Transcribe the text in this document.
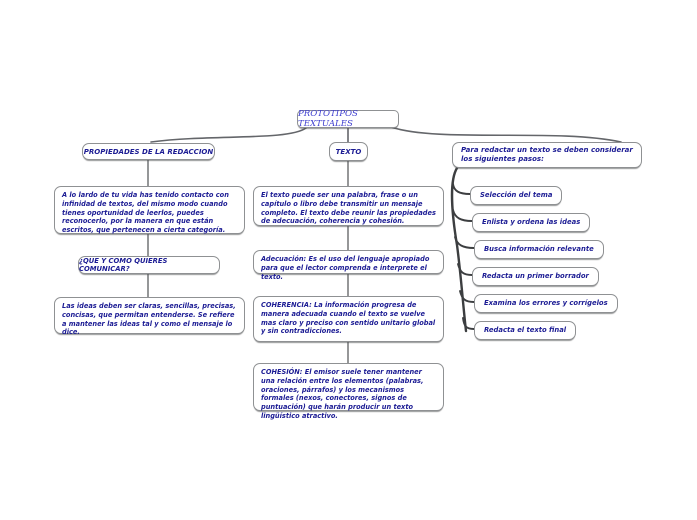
PROTOTIPOS TEXTUALES
PROPIEDADES DE LA REDACCION	TEXTO	Para redactar un texto se deben considerar los siguientes pasos:
A lo lardo de tu vida has tenido contacto con infinidad de textos, del mismo modo cuando tienes oportunidad de leerlos, puedes reconocerlo, por la manera en que están escritos, que pertenecen a cierta categoría.
¿QUE Y COMO QUIERES COMUNICAR?
Las ideas deben ser claras, sencillas, precisas, concisas, que permitan entenderse. Se refiere a mantener las ideas tal y como el mensaje lo dice.
El texto puede ser una palabra, frase o un capítulo o libro debe transmitir un mensaje completo. El texto debe reunir las propiedades de adecuación, coherencia y cohesión.
Adecuación: Es el uso del lenguaje apropiado para que el lector comprenda e interprete el texto.
COHERENCIA: La información progresa de manera adecuada cuando el texto se vuelve mas claro y preciso con sentido unitario global y sin contradicciones.
COHESIÓN: El emisor suele tener mantener una relación entre los elementos (palabras, oraciones, párrafos) y los mecanismos formales (nexos, conectores, signos de puntuación) que harán producir un texto lingüístico atractivo.
Selección del tema
Enlista y ordena las ideas
Busca información relevante
Redacta un primer borrador
Examina los errores y corrígelos
Redacta el texto final
